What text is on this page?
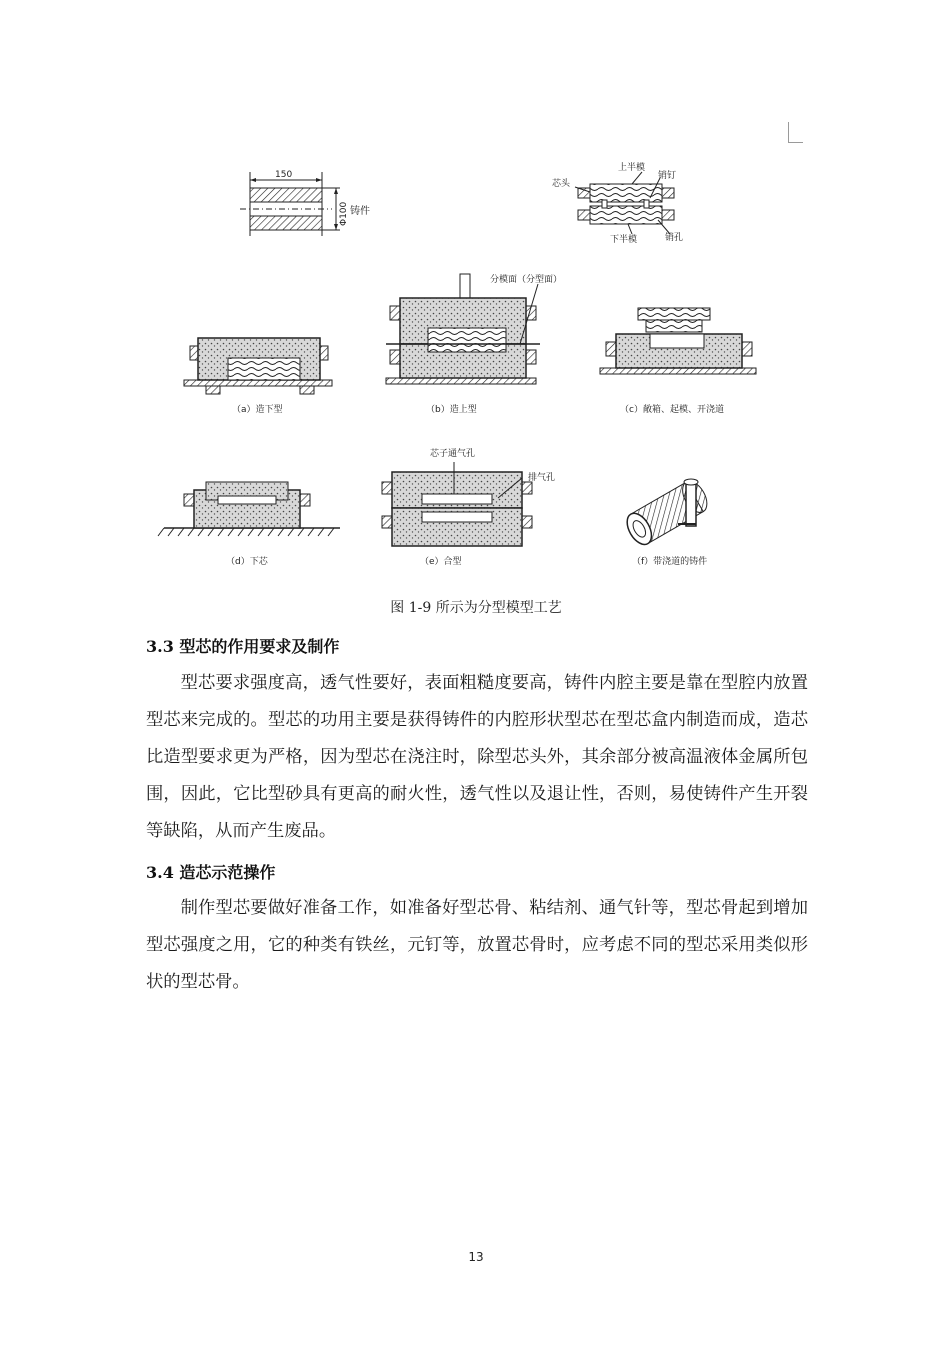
150
Φ100 铸件
芯头
上半模
销钉
下半模	销孔
（a）造下型
分模面（分型面）
（b）造上型	（c）敞箱、起模、开浇道
（d）下芯
芯子通气孔
排气孔
（e）合型	（f）带浇道的铸件
图 1-9 所示为分型模型工艺
3.3 型芯的作用要求及制作

型芯要求强度高，透气性要好，表面粗糙度要高，铸件内腔主要是靠在型腔内放置型芯来完成的。型芯的功用主要是获得铸件的内腔形状型芯在型芯盒内制造而成，造芯比造型要求更为严格，因为型芯在浇注时，除型芯头外，其余部分被高温液体金属所包围，因此，它比型砂具有更高的耐火性，透气性以及退让性，否则，易使铸件产生开裂等缺陷，从而产生废品。

3.4 造芯示范操作

制作型芯要做好准备工作，如准备好型芯骨、粘结剂、通气针等，型芯骨起到增加型芯强度之用，它的种类有铁丝，元钉等，放置芯骨时，应考虑不同的型芯采用类似形状的型芯骨。

13
